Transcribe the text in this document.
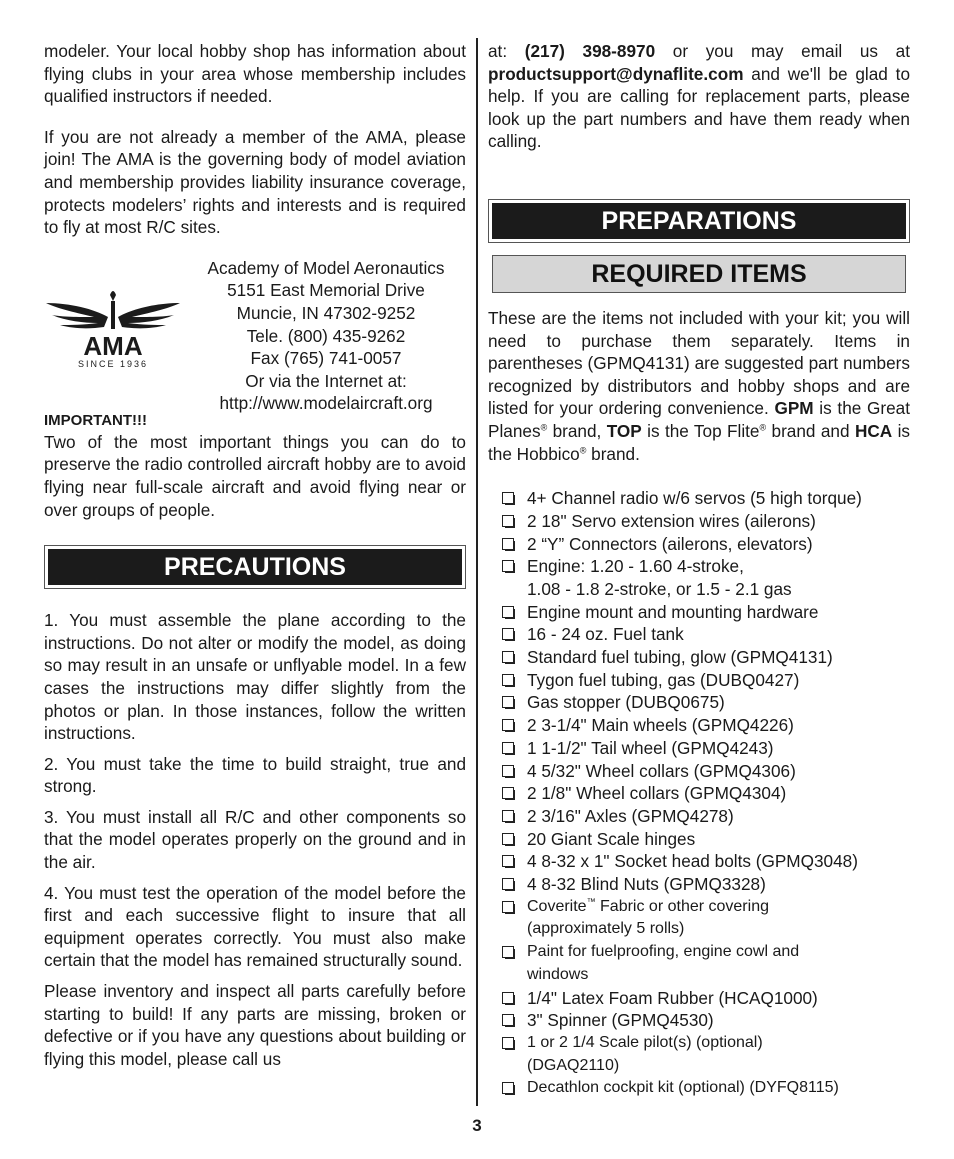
modeler. Your local hobby shop has information about flying clubs in your area whose membership includes qualified instructors if needed.

If you are not already a member of the AMA, please join! The AMA is the governing body of model aviation and membership provides liability insurance coverage, protects modelers’ rights and interests and is required to fly at most R/C sites.

AMA
SINCE 1936
Academy of Model Aeronautics
5151 East Memorial Drive
Muncie, IN 47302-9252
Tele. (800) 435-9262
Fax (765) 741-0057
Or via the Internet at:
http://www.modelaircraft.org
IMPORTANT!!!

Two of the most important things you can do to preserve the radio controlled aircraft hobby are to avoid flying near full-scale aircraft and avoid flying near or over groups of people.

PRECAUTIONS

1. You must assemble the plane according to the instructions. Do not alter or modify the model, as doing so may result in an unsafe or unflyable model. In a few cases the instructions may differ slightly from the photos or plan. In those instances, follow the written instructions.

2. You must take the time to build straight, true and strong.

3. You must install all R/C and other components so that the model operates properly on the ground and in the air.

4. You must test the operation of the model before the first and each successive flight to insure that all equipment operates correctly. You must also make certain that the model has remained structurally sound.

Please inventory and inspect all parts carefully before starting to build! If any parts are missing, broken or defective or if you have any questions about building or flying this model, please call us

at: (217) 398-8970 or you may email us at productsupport@dynaflite.com and we'll be glad to help. If you are calling for replacement parts, please look up the part numbers and have them ready when calling.

PREPARATIONS
REQUIRED ITEMS

These are the items not included with your kit; you will need to purchase them separately. Items in parentheses (GPMQ4131) are suggested part numbers recognized by distributors and hobby shops and are listed for your ordering convenience. GPM is the Great Planes® brand, TOP is the Top Flite® brand and HCA is the Hobbico® brand.

4+ Channel radio w/6 servos (5 high torque)
2 18" Servo extension wires (ailerons)
2 “Y” Connectors (ailerons, elevators)
Engine: 1.20 - 1.60 4-stroke,
1.08 - 1.8 2-stroke, or 1.5 - 2.1 gas
Engine mount and mounting hardware
16 - 24 oz. Fuel tank
Standard fuel tubing, glow (GPMQ4131)
Tygon fuel tubing, gas (DUBQ0427)
Gas stopper (DUBQ0675)
2 3-1/4" Main wheels (GPMQ4226)
1 1-1/2" Tail wheel (GPMQ4243)
4 5/32" Wheel collars (GPMQ4306)
2 1/8" Wheel collars (GPMQ4304)
2 3/16" Axles (GPMQ4278)
20 Giant Scale hinges
4 8-32 x 1" Socket head bolts (GPMQ3048)
4 8-32 Blind Nuts (GPMQ3328)
Coverite™ Fabric or other covering
(approximately 5 rolls)
Paint for fuelproofing, engine cowl and
windows
1/4" Latex Foam Rubber (HCAQ1000)
3" Spinner (GPMQ4530)
1 or 2 1/4 Scale pilot(s) (optional)
(DGAQ2110)
Decathlon cockpit kit (optional) (DYFQ8115)
3
